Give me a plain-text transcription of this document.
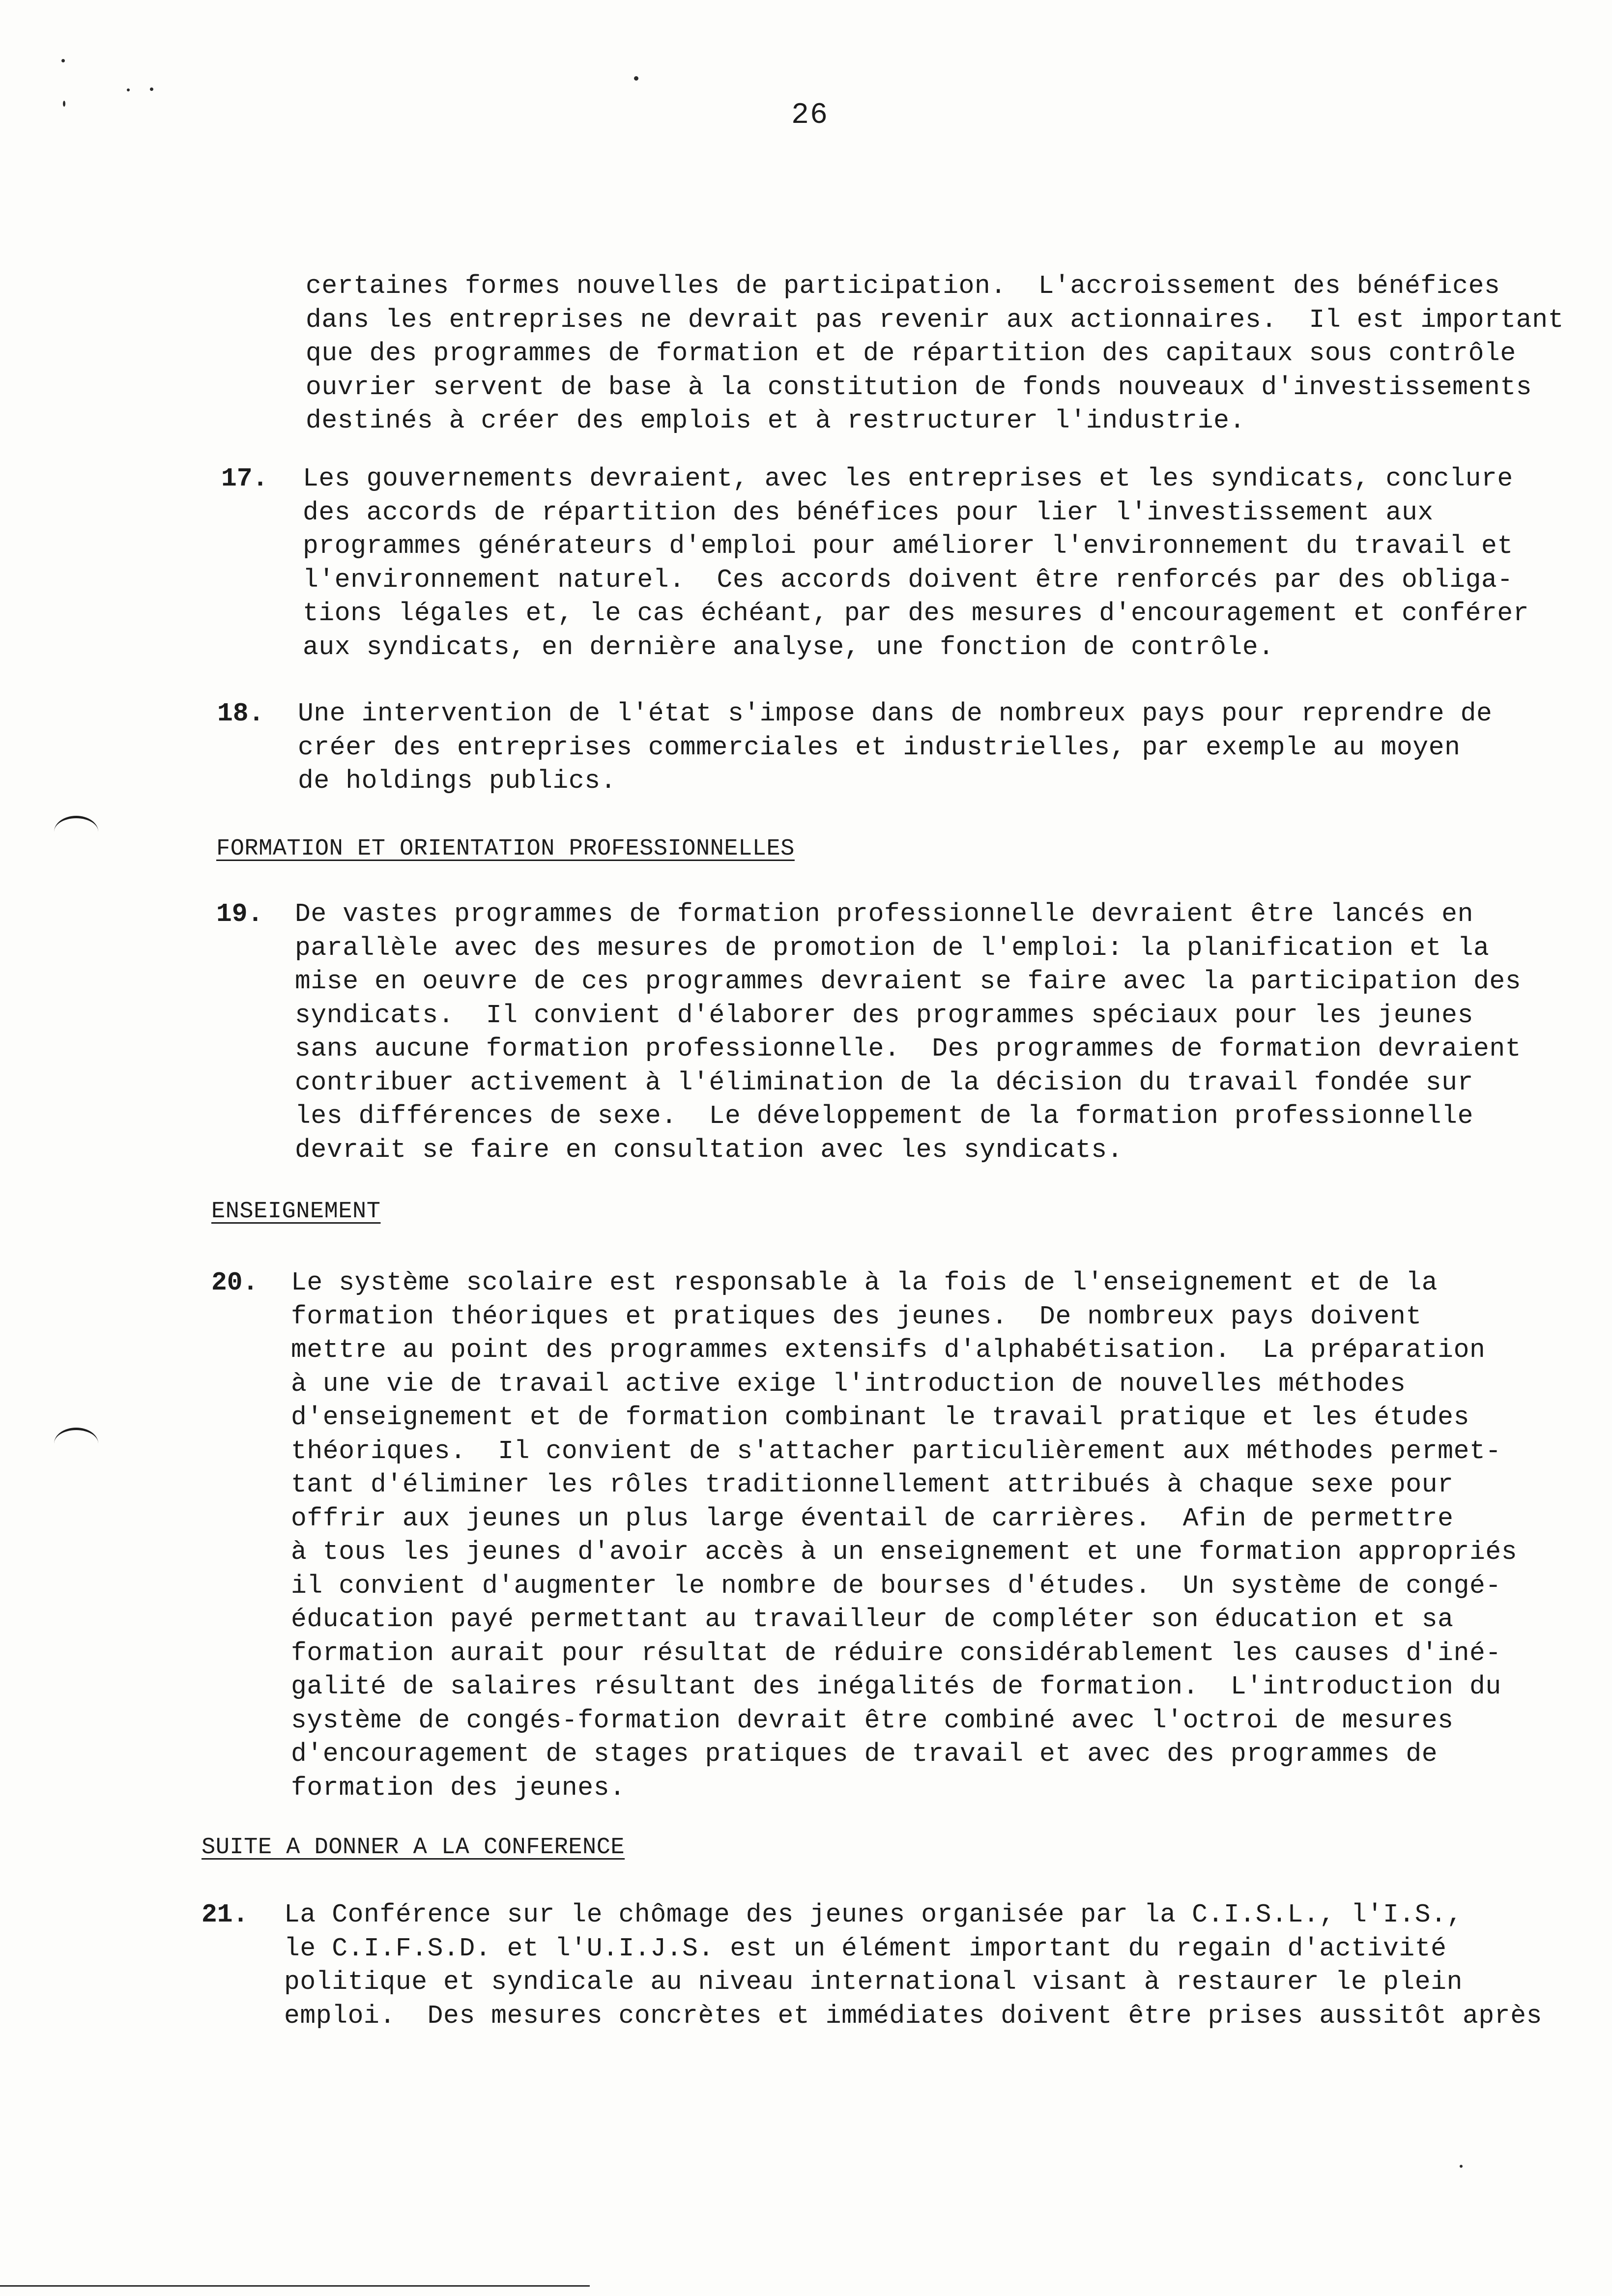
26

certaines formes nouvelles de participation.  L'accroissement des bénéfices
dans les entreprises ne devrait pas revenir aux actionnaires.  Il est important
que des programmes de formation et de répartition des capitaux sous contrôle
ouvrier servent de base à la constitution de fonds nouveaux d'investissements
destinés à créer des emplois et à restructurer l'industrie.

17. Les gouvernements devraient, avec les entreprises et les syndicats, conclure
des accords de répartition des bénéfices pour lier l'investissement aux
programmes générateurs d'emploi pour améliorer l'environnement du travail et
l'environnement naturel.  Ces accords doivent être renforcés par des obliga-
tions légales et, le cas échéant, par des mesures d'encouragement et conférer
aux syndicats, en dernière analyse, une fonction de contrôle.

18. Une intervention de l'état s'impose dans de nombreux pays pour reprendre de
créer des entreprises commerciales et industrielles, par exemple au moyen
de holdings publics.

FORMATION ET ORIENTATION PROFESSIONNELLES
19. De vastes programmes de formation professionnelle devraient être lancés en
parallèle avec des mesures de promotion de l'emploi: la planification et la
mise en oeuvre de ces programmes devraient se faire avec la participation des
syndicats.  Il convient d'élaborer des programmes spéciaux pour les jeunes
sans aucune formation professionnelle.  Des programmes de formation devraient
contribuer activement à l'élimination de la décision du travail fondée sur
les différences de sexe.  Le développement de la formation professionnelle
devrait se faire en consultation avec les syndicats.

ENSEIGNEMENT
20. Le système scolaire est responsable à la fois de l'enseignement et de la
formation théoriques et pratiques des jeunes.  De nombreux pays doivent
mettre au point des programmes extensifs d'alphabétisation.  La préparation
à une vie de travail active exige l'introduction de nouvelles méthodes
d'enseignement et de formation combinant le travail pratique et les études
théoriques.  Il convient de s'attacher particulièrement aux méthodes permet-
tant d'éliminer les rôles traditionnellement attribués à chaque sexe pour
offrir aux jeunes un plus large éventail de carrières.  Afin de permettre
à tous les jeunes d'avoir accès à un enseignement et une formation appropriés
il convient d'augmenter le nombre de bourses d'études.  Un système de congé-
éducation payé permettant au travailleur de compléter son éducation et sa
formation aurait pour résultat de réduire considérablement les causes d'iné-
galité de salaires résultant des inégalités de formation.  L'introduction du
système de congés-formation devrait être combiné avec l'octroi de mesures
d'encouragement de stages pratiques de travail et avec des programmes de
formation des jeunes.

SUITE A DONNER A LA CONFERENCE
21. La Conférence sur le chômage des jeunes organisée par la C.I.S.L., l'I.S.,
le C.I.F.S.D. et l'U.I.J.S. est un élément important du regain d'activité
politique et syndicale au niveau international visant à restaurer le plein
emploi.  Des mesures concrètes et immédiates doivent être prises aussitôt après
